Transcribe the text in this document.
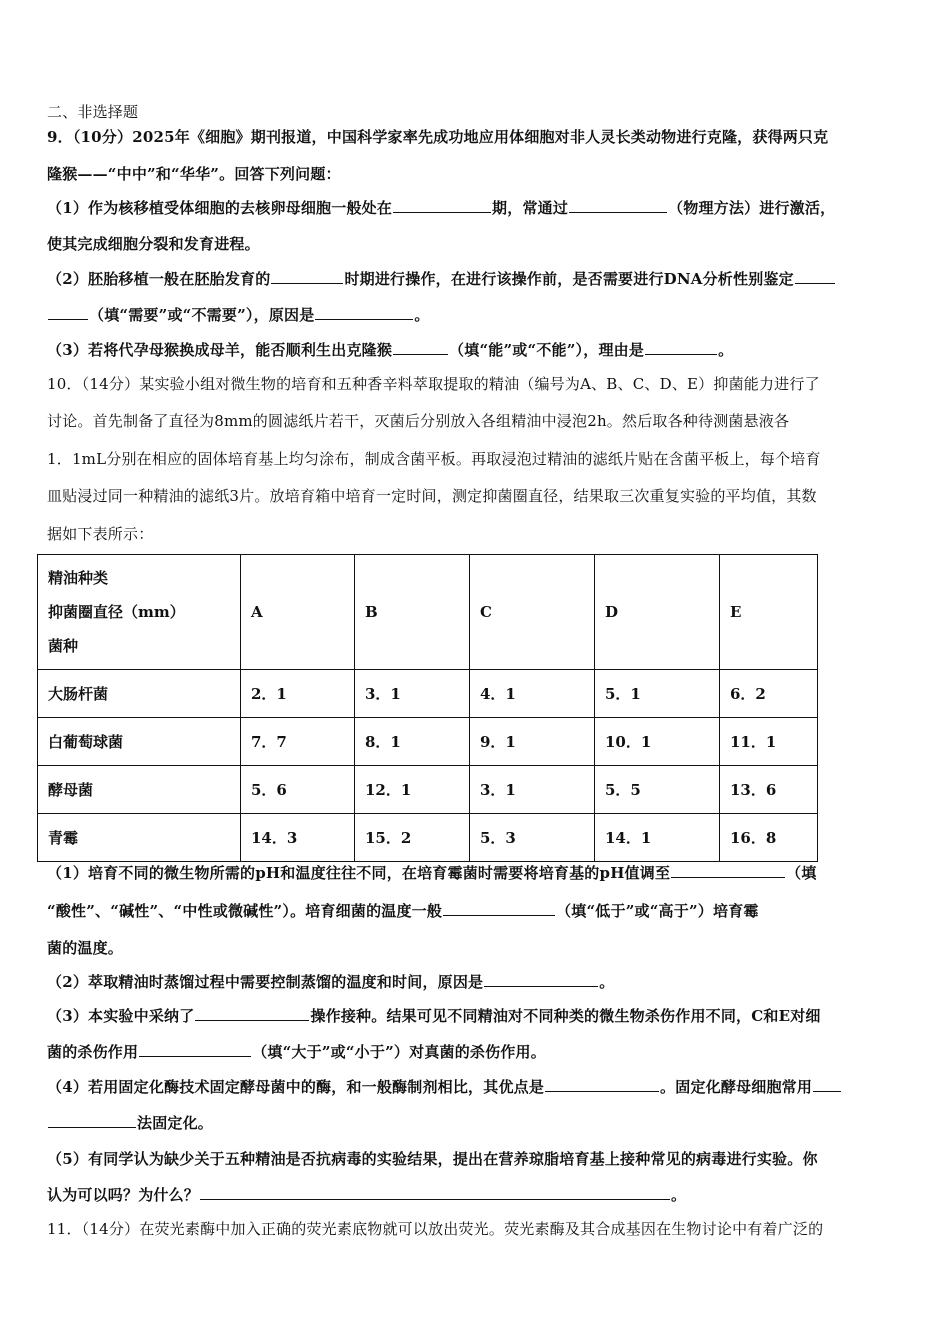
二、非选择题
9．（10分）2025年《细胞》期刊报道，中国科学家率先成功地应用体细胞对非人灵长类动物进行克隆，获得两只克
隆猴——“中中”和“华华”。回答下列问题：
（1）作为核移植受体细胞的去核卵母细胞一般处在	期，常通过	（物理方法）进行激活，
使其完成细胞分裂和发育进程。
（2）胚胎移植一般在胚胎发育的	时期进行操作，在进行该操作前，是否需要进行DNA分析性别鉴定
（填“需要”或“不需要”），原因是	。
（3）若将代孕母猴换成母羊，能否顺利生出克隆猴	（填“能”或“不能”），理由是	。
10．（14分）某实验小组对微生物的培育和五种香辛料萃取提取的精油（编号为A、B、C、D、E）抑菌能力进行了
讨论。首先制备了直径为8mm的圆滤纸片若干，灭菌后分别放入各组精油中浸泡2h。然后取各种待测菌悬液各
1．1mL分别在相应的固体培育基上均匀涂布，制成含菌平板。再取浸泡过精油的滤纸片贴在含菌平板上，每个培育
皿贴浸过同一种精油的滤纸3片。放培育箱中培育一定时间，测定抑菌圈直径，结果取三次重复实验的平均值，其数
据如下表所示：
精油种类
抑菌圈直径（mm）
菌种	A	B	C	D	E
大肠杆菌	2．1	3．1	4．1	5．1	6．2
白葡萄球菌	7．7	8．1	9．1	10．1	11．1
酵母菌	5．6	12．1	3．1	5．5	13．6
青霉	14．3	15．2	5．3	14．1	16．8
（1）培育不同的微生物所需的pH和温度往往不同，在培育霉菌时需要将培育基的pH值调至	（填
“酸性”、“碱性”、“中性或微碱性”）。培育细菌的温度一般	（填“低于”或“高于”）培育霉
菌的温度。
（2）萃取精油时蒸馏过程中需要控制蒸馏的温度和时间，原因是	。
（3）本实验中采纳了	操作接种。结果可见不同精油对不同种类的微生物杀伤作用不同，C和E对细
菌的杀伤作用	（填“大于”或“小于”）对真菌的杀伤作用。
（4）若用固定化酶技术固定酵母菌中的酶，和一般酶制剂相比，其优点是	。固定化酵母细胞常用
法固定化。
（5）有同学认为缺少关于五种精油是否抗病毒的实验结果，提出在营养琼脂培育基上接种常见的病毒进行实验。你
认为可以吗？为什么？	。
11．（14分）在荧光素酶中加入正确的荧光素底物就可以放出荧光。荧光素酶及其合成基因在生物讨论中有着广泛的
